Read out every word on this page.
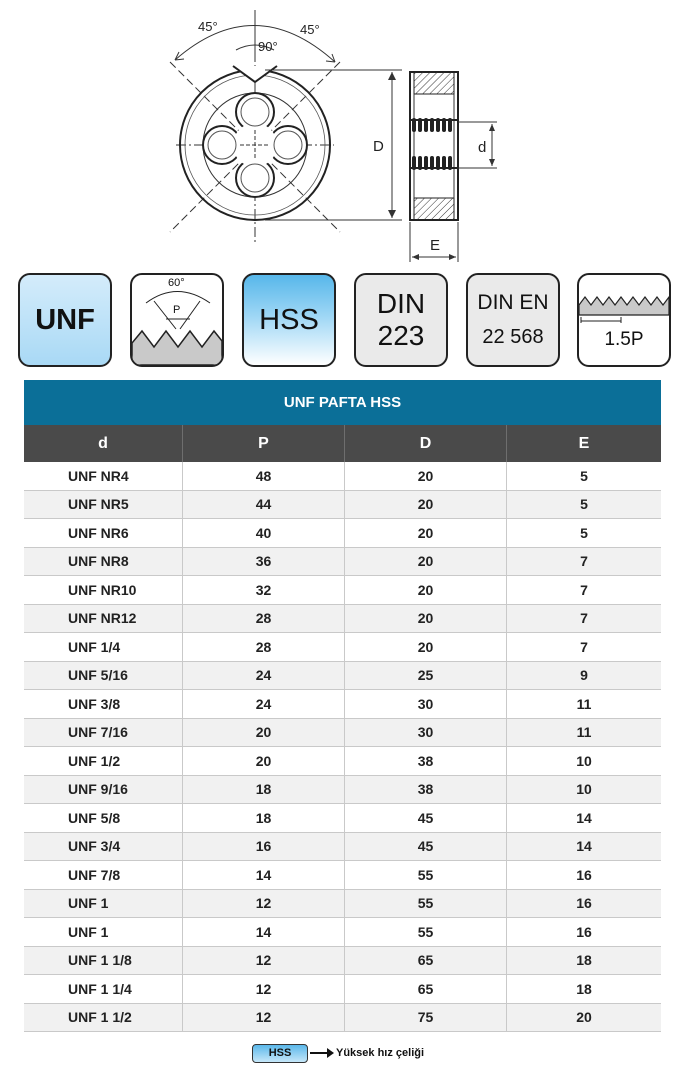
45°
90°
45°
D	d
E
UNF
60°
P	HSS DIN
223
DIN EN
22 568	1.5P
UNF PAFTA HSS
d	P	D	E
UNF NR4	48	20	5
UNF NR5	44	20	5
UNF NR6	40	20	5
UNF NR8	36	20	7
UNF NR10	32	20	7
UNF NR12	28	20	7
UNF 1/4	28	20	7
UNF 5/16	24	25	9
UNF 3/8	24	30	11
UNF 7/16	20	30	11
UNF 1/2	20	38	10
UNF 9/16	18	38	10
UNF 5/8	18	45	14
UNF 3/4	16	45	14
UNF 7/8	14	55	16
UNF 1	12	55	16
UNF 1	14	55	16
UNF 1 1/8	12	65	18
UNF 1 1/4	12	65	18
UNF 1 1/2	12	75	20
HSS	Yüksek hız çeliği
